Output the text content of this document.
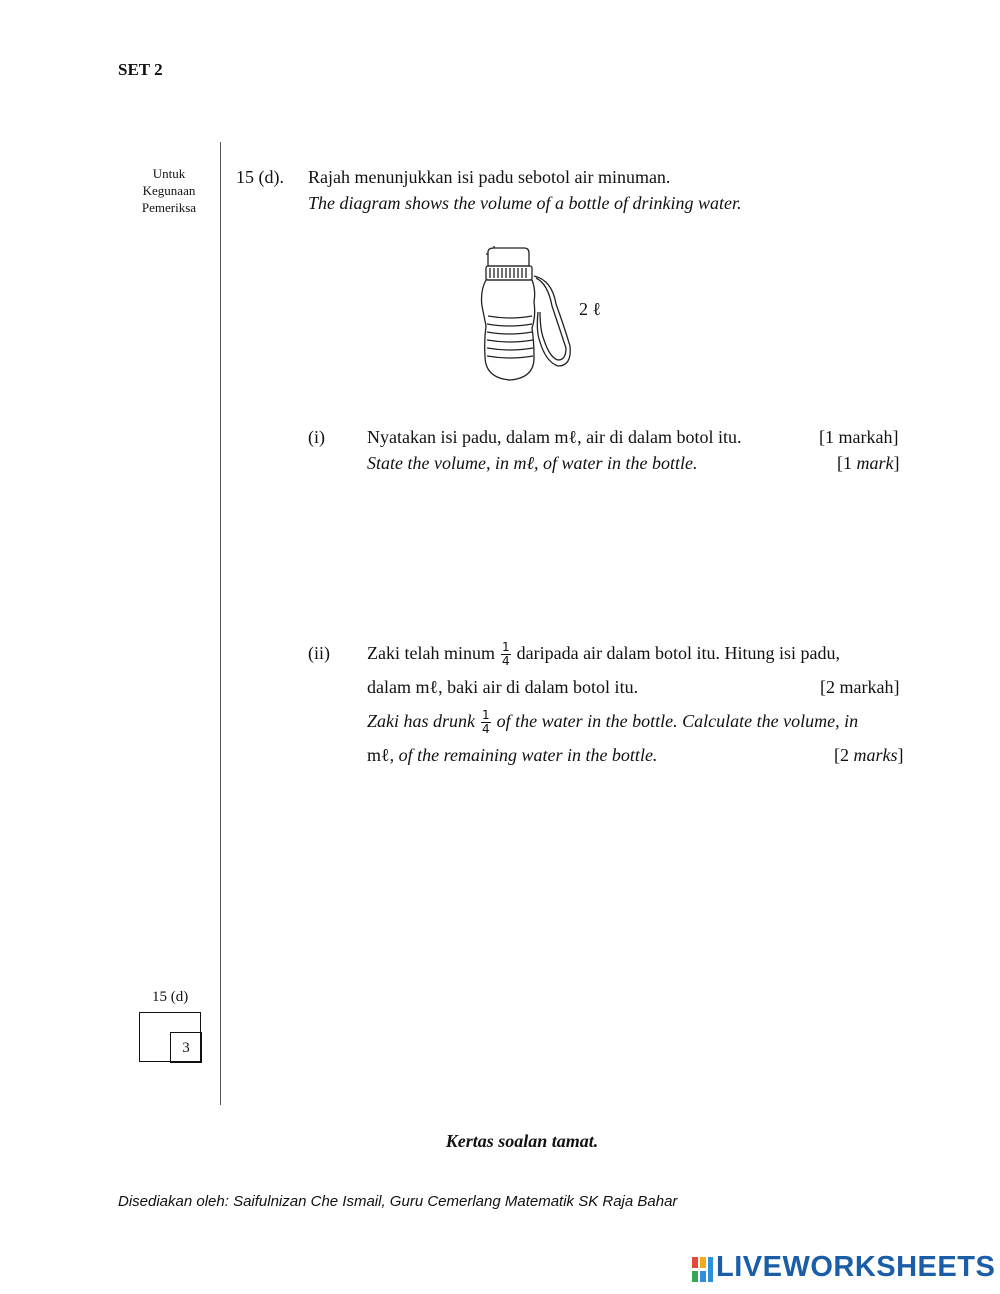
SET 2
Untuk
Kegunaan
Pemeriksa
15 (d). Rajah menunjukkan isi padu sebotol air minuman.
The diagram shows the volume of a bottle of drinking water.
2 ℓ
(i) Nyatakan isi padu, dalam mℓ, air di dalam botol itu.	[1 markah]
State the volume, in mℓ, of water in the bottle.	[1 mark]
(ii) Zaki telah minum $\frac{1}{4}$ daripada air dalam botol itu. Hitung isi padu,
dalam mℓ, baki air di dalam botol itu.	[2 markah]
Zaki has drunk $\frac{1}{4}$ of the water in the bottle. Calculate the volume, in
mℓ, of the remaining water in the bottle.	[2 marks]
15 (d)
3
Kertas soalan tamat.
Disediakan oleh: Saifulnizan Che Ismail, Guru Cemerlang Matematik SK Raja Bahar
LIVEWORKSHEETS
